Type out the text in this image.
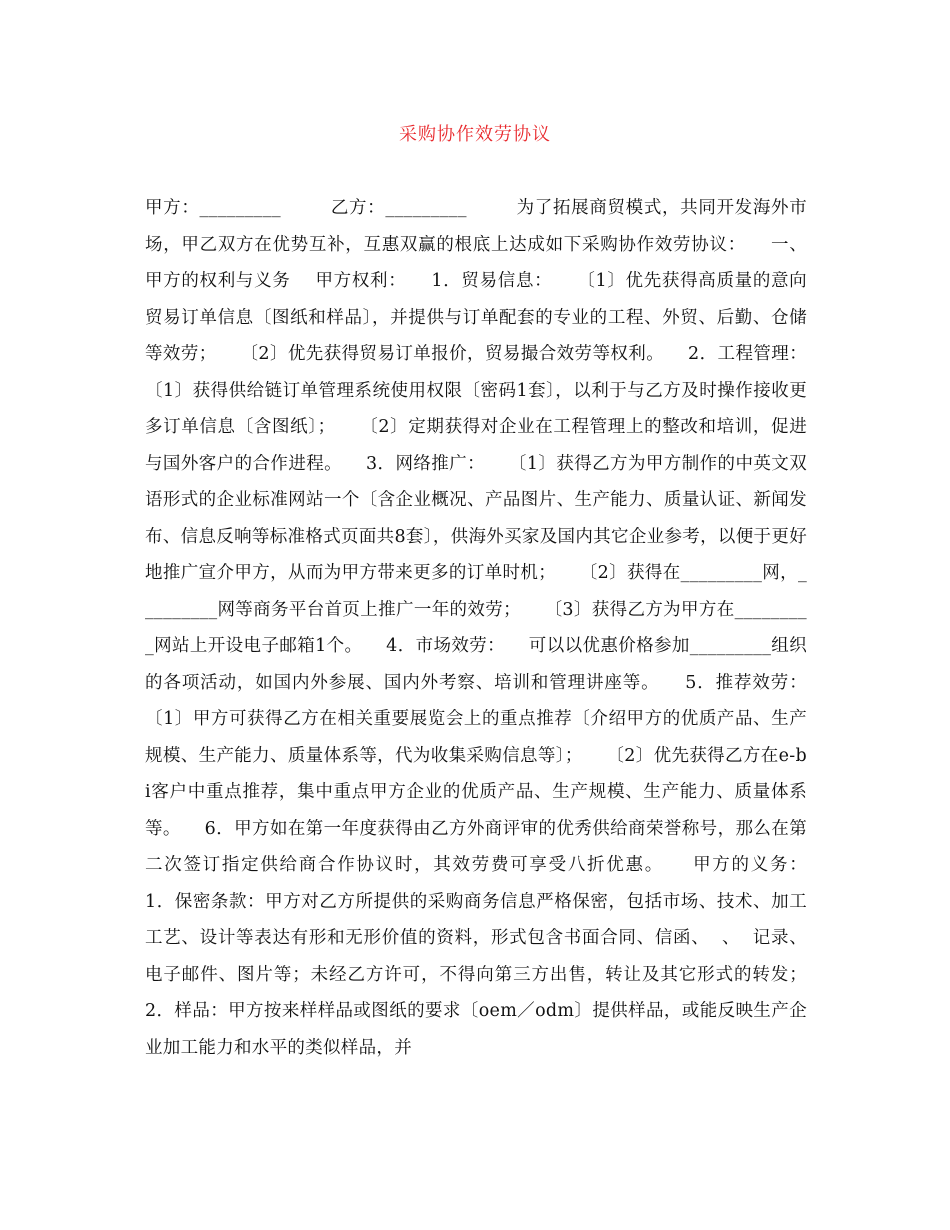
采购协作效劳协议
甲方：_________        乙方：_________        为了拓展商贸模式，共同开发海外市场，甲乙双方在优势互补，互惠双赢的根底上达成如下采购协作效劳协议：    一、甲方的权利与义务    甲方权利：    1．贸易信息：    〔1〕优先获得高质量的意向贸易订单信息〔图纸和样品〕，并提供与订单配套的专业的工程、外贸、后勤、仓储等效劳；    〔2〕优先获得贸易订单报价，贸易撮合效劳等权利。    2．工程管理：    〔1〕获得供给链订单管理系统使用权限〔密码1套〕，以利于与乙方及时操作接收更多订单信息〔含图纸〕；    〔2〕定期获得对企业在工程管理上的整改和培训，促进与国外客户的合作进程。    3．网络推广：    〔1〕获得乙方为甲方制作的中英文双语形式的企业标准网站一个〔含企业概况、产品图片、生产能力、质量认证、新闻发布、信息反响等标准格式页面共8套〕，供海外买家及国内其它企业参考，以便于更好地推广宣介甲方，从而为甲方带来更多的订单时机；    〔2〕获得在_________网，_________网等商务平台首页上推广一年的效劳；    〔3〕获得乙方为甲方在_________网站上开设电子邮箱1个。    4．市场效劳：    可以以优惠价格参加_________组织的各项活动，如国内外参展、国内外考察、培训和管理讲座等。    5．推荐效劳：    〔1〕甲方可获得乙方在相关重要展览会上的重点推荐〔介绍甲方的优质产品、生产规模、生产能力、质量体系等，代为收集采购信息等〕；    〔2〕优先获得乙方在e-bi客户中重点推荐，集中重点甲方企业的优质产品、生产规模、生产能力、质量体系等。    6．甲方如在第一年度获得由乙方外商评审的优秀供给商荣誉称号，那么在第二次签订指定供给商合作协议时，其效劳费可享受八折优惠。    甲方的义务：    1．保密条款：甲方对乙方所提供的采购商务信息严格保密，包括市场、技术、加工工艺、设计等表达有形和无形价值的资料，形式包含书面合同、信函、  、  记录、电子邮件、图片等；未经乙方许可，不得向第三方出售，转让及其它形式的转发；    2．样品：甲方按来样样品或图纸的要求〔oem／odm〕提供样品，或能反映生产企业加工能力和水平的类似样品，并
